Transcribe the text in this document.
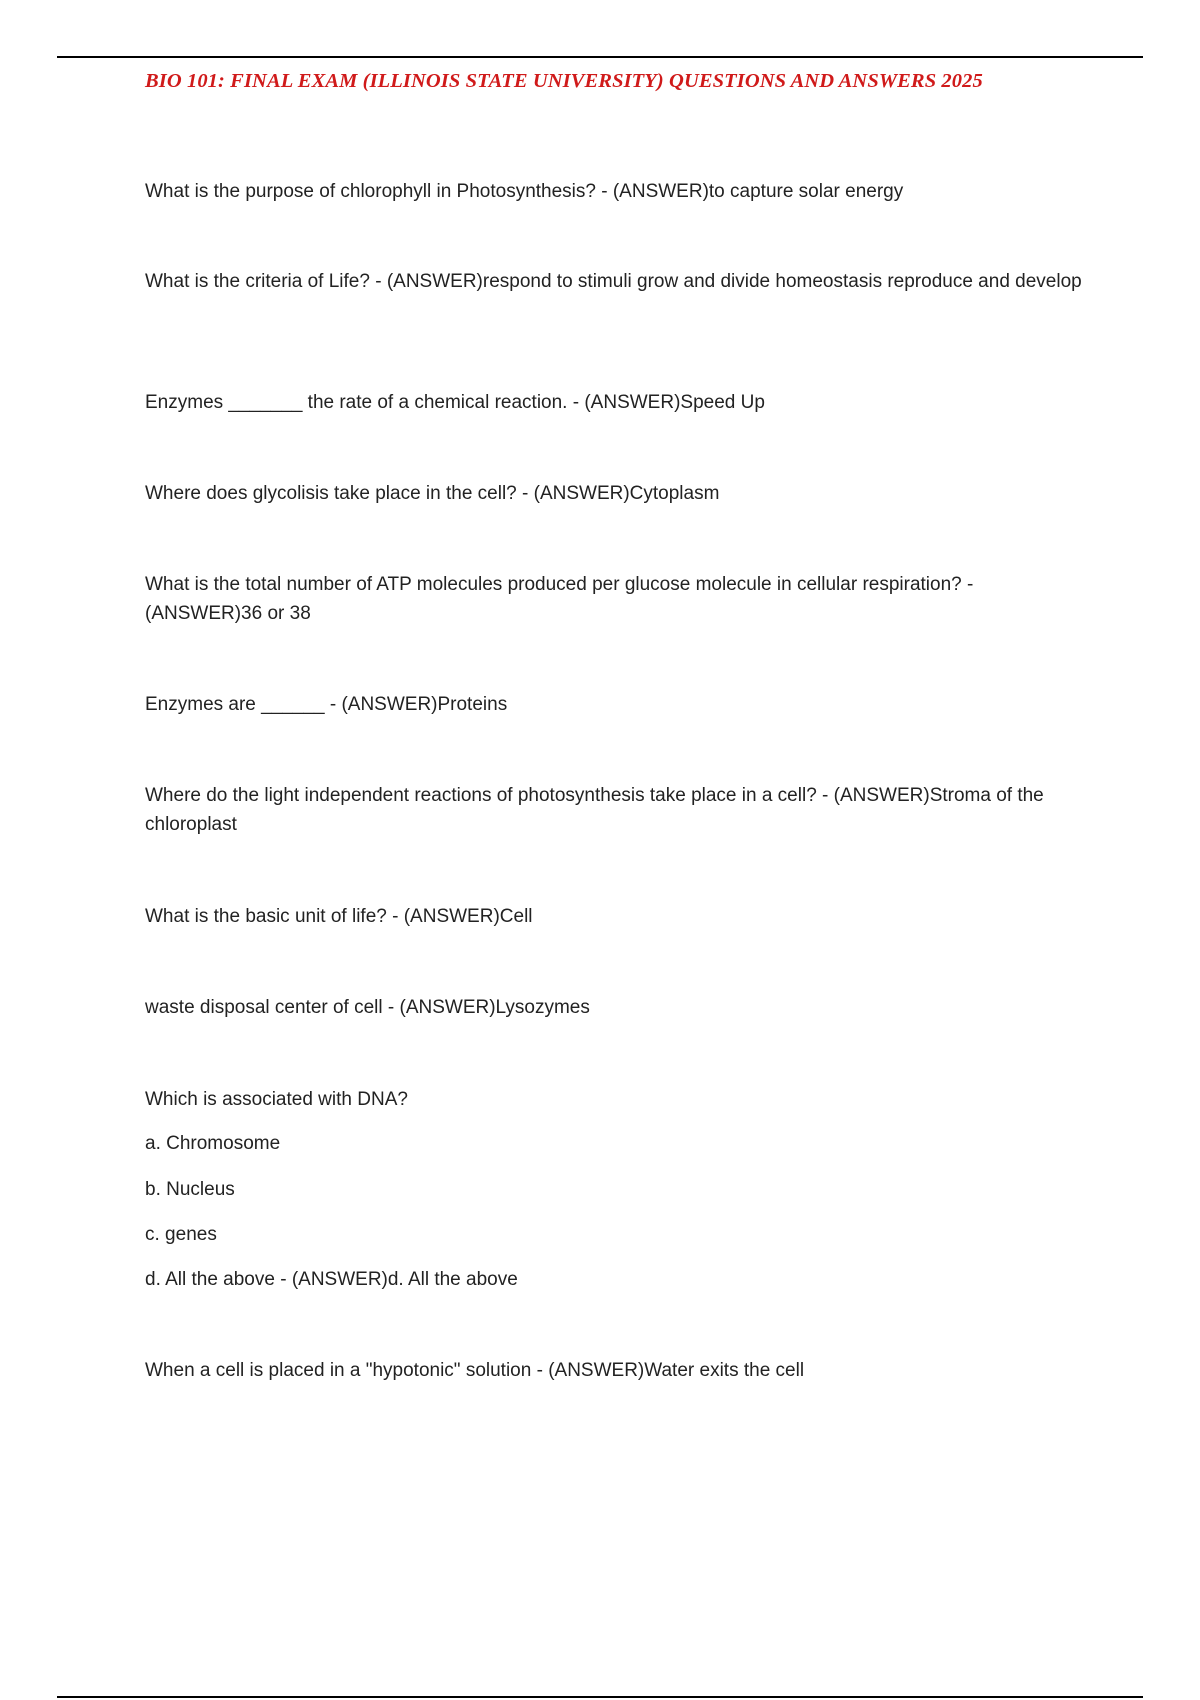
BIO 101: FINAL EXAM (ILLINOIS STATE UNIVERSITY) QUESTIONS AND ANSWERS 2025

What is the purpose of chlorophyll in Photosynthesis? - (ANSWER)to capture solar energy

What is the criteria of Life? - (ANSWER)respond to stimuli grow and divide homeostasis reproduce and develop

Enzymes _______ the rate of a chemical reaction. - (ANSWER)Speed Up

Where does glycolisis take place in the cell? - (ANSWER)Cytoplasm

What is the total number of ATP molecules produced per glucose molecule in cellular respiration? - (ANSWER)36 or 38

Enzymes are ______ - (ANSWER)Proteins

Where do the light independent reactions of photosynthesis take place in a cell? - (ANSWER)Stroma of the chloroplast

What is the basic unit of life? - (ANSWER)Cell

waste disposal center of cell - (ANSWER)Lysozymes

Which is associated with DNA?

a. Chromosome

b. Nucleus

c. genes

d. All the above - (ANSWER)d. All the above

When a cell is placed in a "hypotonic" solution - (ANSWER)Water exits the cell
